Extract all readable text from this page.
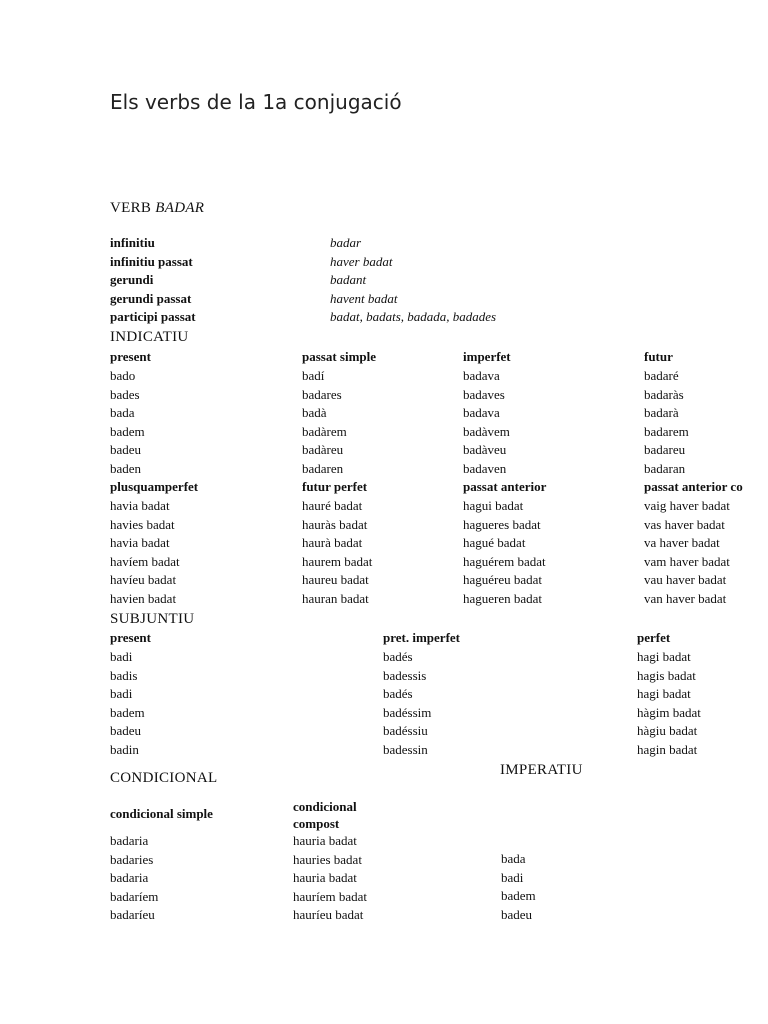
Els verbs de la 1a conjugació
VERB BADAR
infinitiu	badar
infinitiu passat	haver badat
gerundi	badant
gerundi passat	havent badat
participi passat	badat, badats, badada, badades
INDICATIU
present	passat simple	imperfet	futur
bado	badí	badava	badaré
bades	badares	badaves	badaràs
bada	badà	badava	badarà
badem	badàrem	badàvem	badarem
badeu	badàreu	badàveu	badareu
baden	badaren	badaven	badaran
plusquamperfet	futur perfet	passat anterior	passat anterior co
havia badat	hauré badat	hagui badat	vaig haver badat
havies badat	hauràs badat	hagueres badat	vas haver badat
havia badat	haurà badat	hagué badat	va haver badat
havíem badat	haurem badat	haguérem badat	vam haver badat
havíeu badat	haureu badat	haguéreu badat	vau haver badat
havien badat	hauran badat	hagueren badat	van haver badat
SUBJUNTIU
present	pret. imperfet	perfet
badi	badés	hagi badat
badis	badessis	hagis badat
badi	badés	hagi badat
badem	badéssim	hàgim badat
badeu	badéssiu	hàgiu badat
badin	badessin	hagin badat
CONDICIONAL
condicional simple	condicional
compost
badaria	hauria badat
badaries	hauries badat
badaria	hauria badat
badaríem	hauríem badat
badaríeu	hauríeu badat
IMPERATIU
bada
badi
badem
badeu
